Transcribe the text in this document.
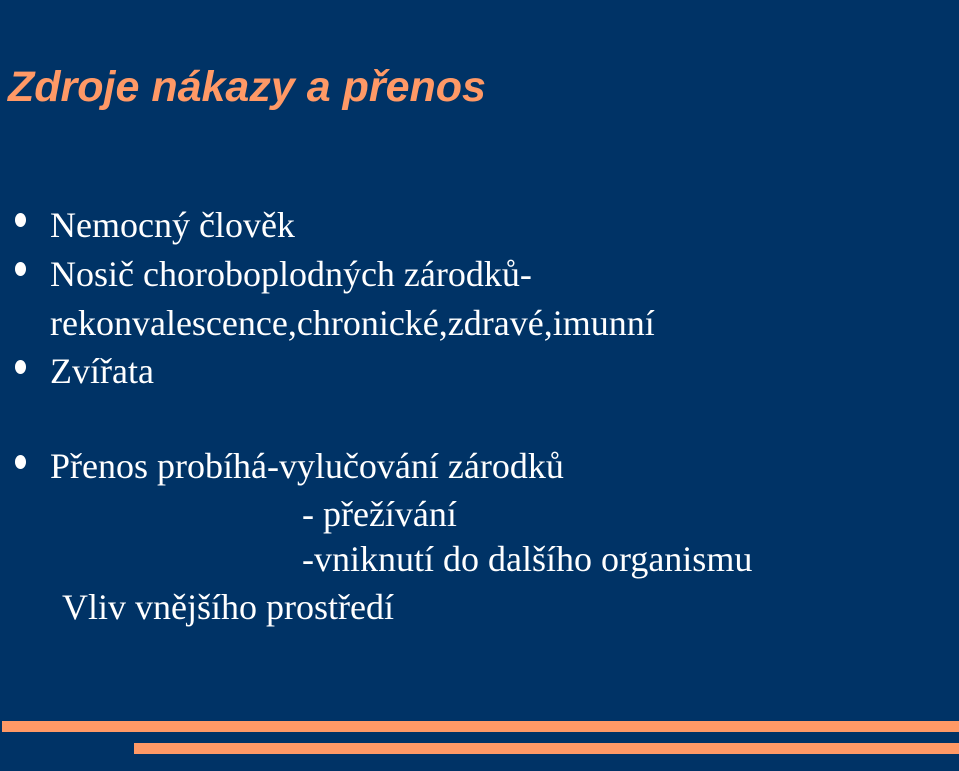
Zdroje nákazy a přenos
Nemocný člověk
Nosič choroboplodných zárodků-
rekonvalescence,chronické,zdravé,imunní
Zvířata
Přenos probíhá-vylučování zárodků
- přežívání
-vniknutí do dalšího organismu
Vliv vnějšího prostředí
